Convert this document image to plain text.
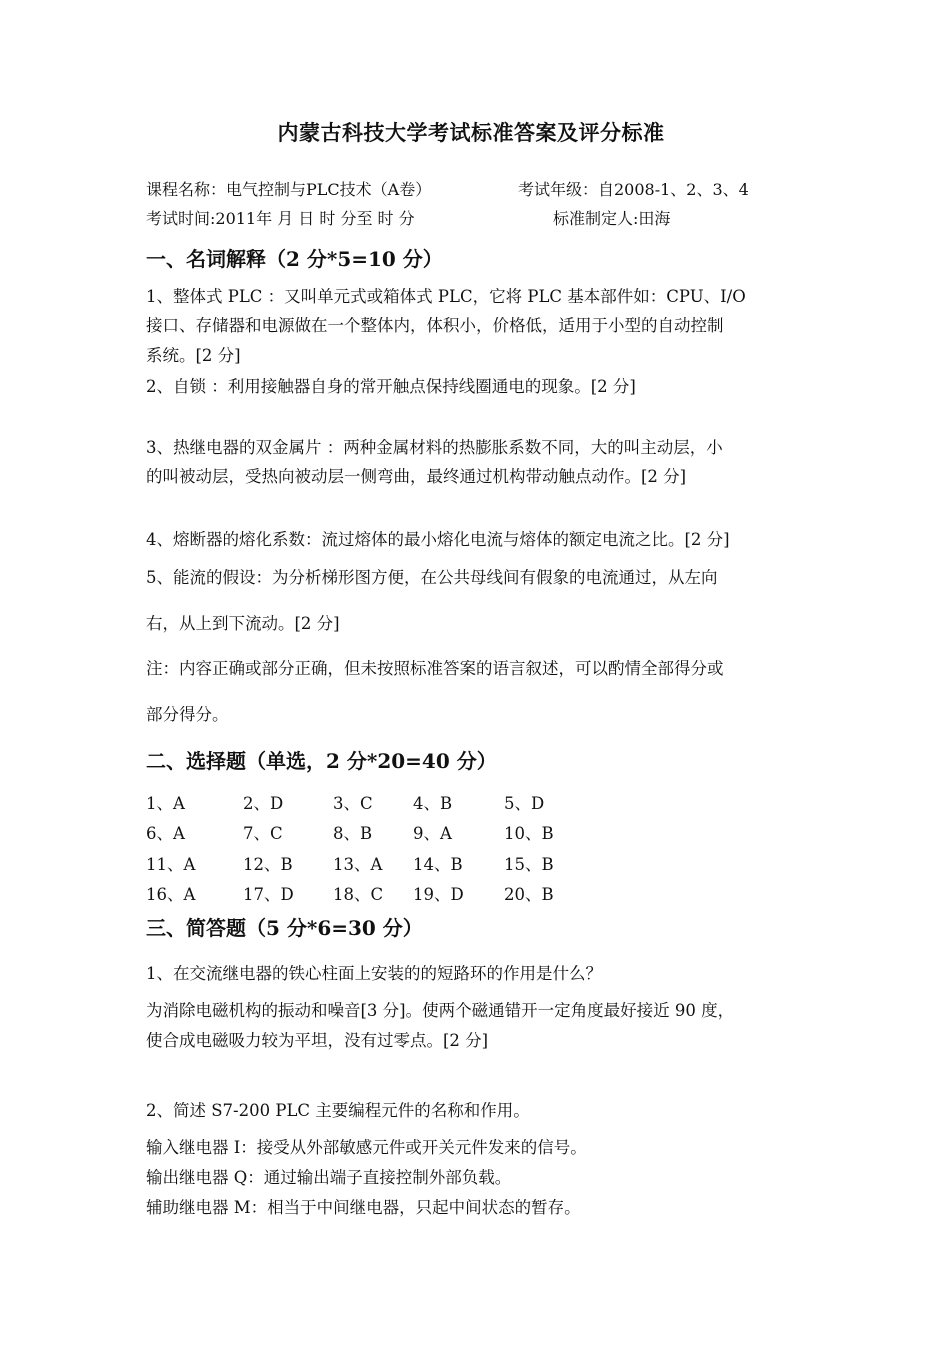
内蒙古科技大学考试标准答案及评分标准
课程名称：电气控制与PLC技术（A卷）	考试年级：自2008-1、2、3、4
考试时间:2011年 月 日 时 分至 时 分	标准制定人:田海
一、名词解释（2 分*5=10 分）
1、整体式 PLC ：又叫单元式或箱体式 PLC，它将 PLC 基本部件如：CPU、I/O
接口、存储器和电源做在一个整体内，体积小，价格低，适用于小型的自动控制
系统。[2 分]
2、自锁 ：利用接触器自身的常开触点保持线圈通电的现象。[2 分]
3、热继电器的双金属片 ：两种金属材料的热膨胀系数不同，大的叫主动层，小
的叫被动层，受热向被动层一侧弯曲，最终通过机构带动触点动作。[2 分]
4、熔断器的熔化系数：流过熔体的最小熔化电流与熔体的额定电流之比。[2 分]
5、能流的假设：为分析梯形图方便，在公共母线间有假象的电流通过，从左向
右，从上到下流动。[2 分]
注：内容正确或部分正确，但未按照标准答案的语言叙述，可以酌情全部得分或
部分得分。
二、选择题（单选，2 分*20=40 分）
1、A	2、D	3、C 4、B	5、D
6、A	7、C	8、B 9、A	10、B
11、A	12、B 13、A 14、B	15、B
16、A	17、D 18、C 19、D 20、B
三、简答题（5 分*6=30 分）
1、在交流继电器的铁心柱面上安装的的短路环的作用是什么？
为消除电磁机构的振动和噪音[3 分]。使两个磁通错开一定角度最好接近 90 度，
使合成电磁吸力较为平坦，没有过零点。[2 分]
2、简述 S7-200 PLC 主要编程元件的名称和作用。
输入继电器 I：接受从外部敏感元件或开关元件发来的信号。
输出继电器 Q：通过输出端子直接控制外部负载。
辅助继电器 M：相当于中间继电器，只起中间状态的暂存。
